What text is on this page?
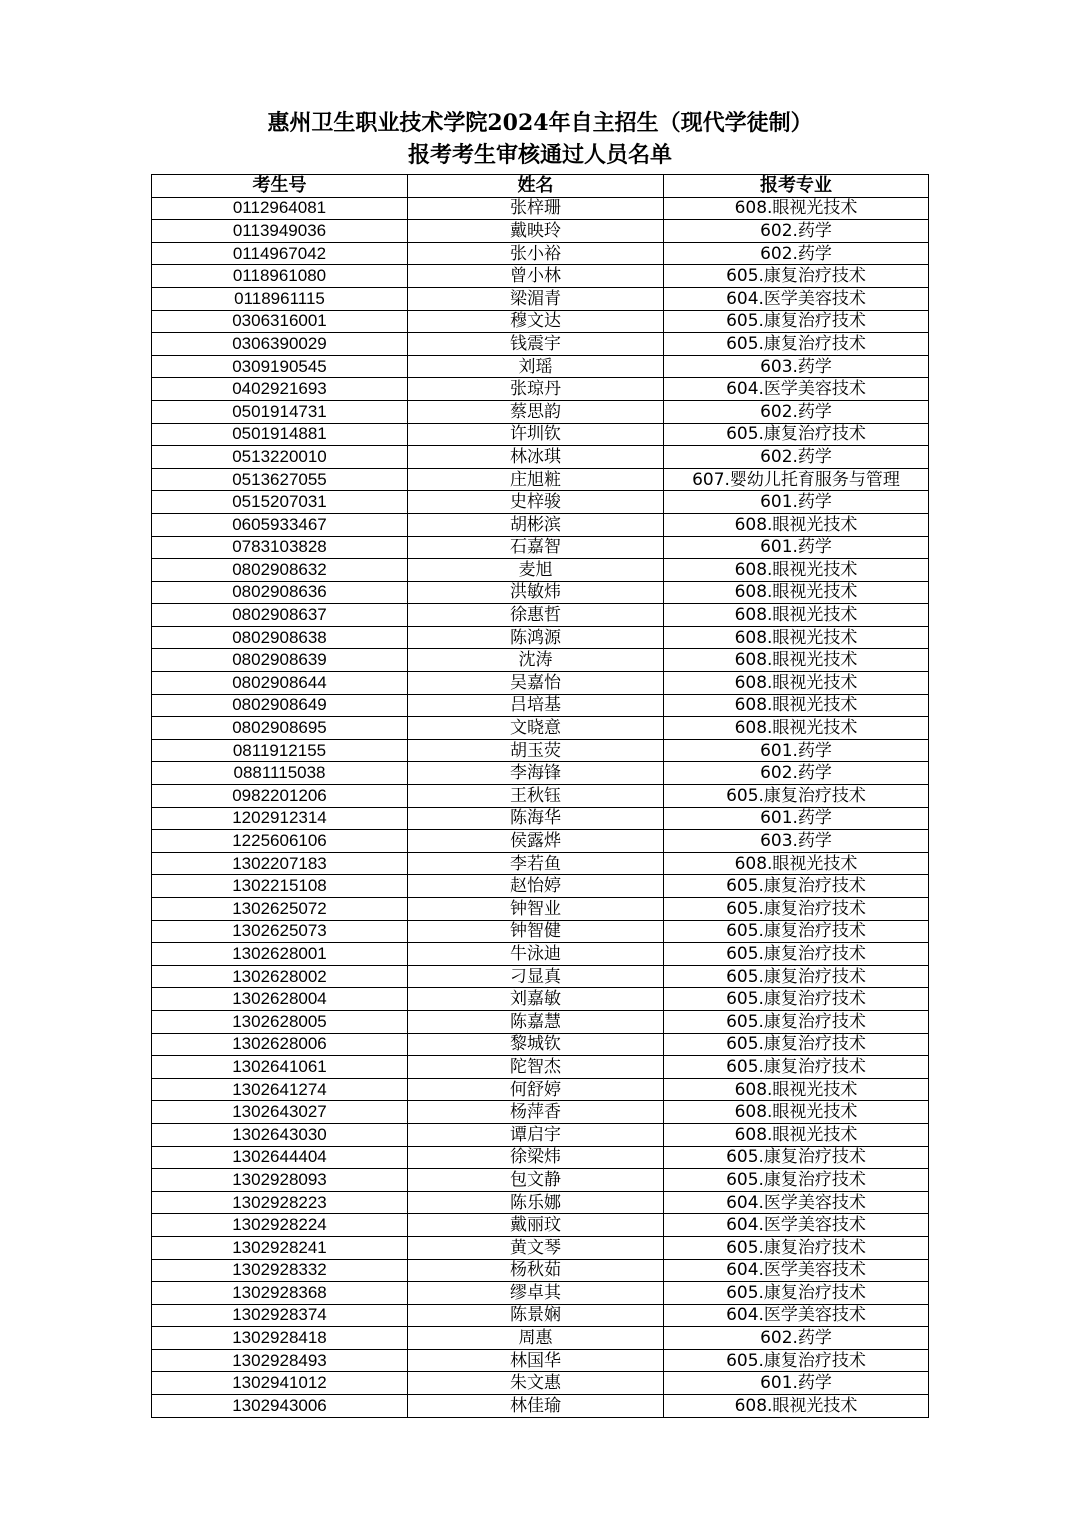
惠州卫生职业技术学院2024年自主招生（现代学徒制）
报考考生审核通过人员名单
考生号	姓名	报考专业
0112964081	张梓珊	608.眼视光技术
0113949036	戴映玲	602.药学
0114967042	张小裕	602.药学
0118961080	曾小林	605.康复治疗技术
0118961115	梁湄青	604.医学美容技术
0306316001	穆文达	605.康复治疗技术
0306390029	钱震宇	605.康复治疗技术
0309190545	刘瑶	603.药学
0402921693	张琼丹	604.医学美容技术
0501914731	蔡思韵	602.药学
0501914881	许圳钦	605.康复治疗技术
0513220010	林冰琪	602.药学
0513627055	庄旭粧	607.婴幼儿托育服务与管理
0515207031	史梓骏	601.药学
0605933467	胡彬滨	608.眼视光技术
0783103828	石嘉智	601.药学
0802908632	麦旭	608.眼视光技术
0802908636	洪敏炜	608.眼视光技术
0802908637	徐惠哲	608.眼视光技术
0802908638	陈鸿源	608.眼视光技术
0802908639	沈涛	608.眼视光技术
0802908644	吴嘉怡	608.眼视光技术
0802908649	吕培基	608.眼视光技术
0802908695	文晓意	608.眼视光技术
0811912155	胡玉荧	601.药学
0881115038	李海锋	602.药学
0982201206	王秋钰	605.康复治疗技术
1202912314	陈海华	601.药学
1225606106	侯露烨	603.药学
1302207183	李若鱼	608.眼视光技术
1302215108	赵怡婷	605.康复治疗技术
1302625072	钟智业	605.康复治疗技术
1302625073	钟智健	605.康复治疗技术
1302628001	牛泳迪	605.康复治疗技术
1302628002	刁显真	605.康复治疗技术
1302628004	刘嘉敏	605.康复治疗技术
1302628005	陈嘉慧	605.康复治疗技术
1302628006	黎城钦	605.康复治疗技术
1302641061	陀智杰	605.康复治疗技术
1302641274	何舒婷	608.眼视光技术
1302643027	杨萍香	608.眼视光技术
1302643030	谭启宇	608.眼视光技术
1302644404	徐梁炜	605.康复治疗技术
1302928093	包文静	605.康复治疗技术
1302928223	陈乐娜	604.医学美容技术
1302928224	戴丽玟	604.医学美容技术
1302928241	黄文琴	605.康复治疗技术
1302928332	杨秋茹	604.医学美容技术
1302928368	缪卓其	605.康复治疗技术
1302928374	陈景娴	604.医学美容技术
1302928418	周惠	602.药学
1302928493	林国华	605.康复治疗技术
1302941012	朱文惠	601.药学
1302943006	林佳瑜	608.眼视光技术
